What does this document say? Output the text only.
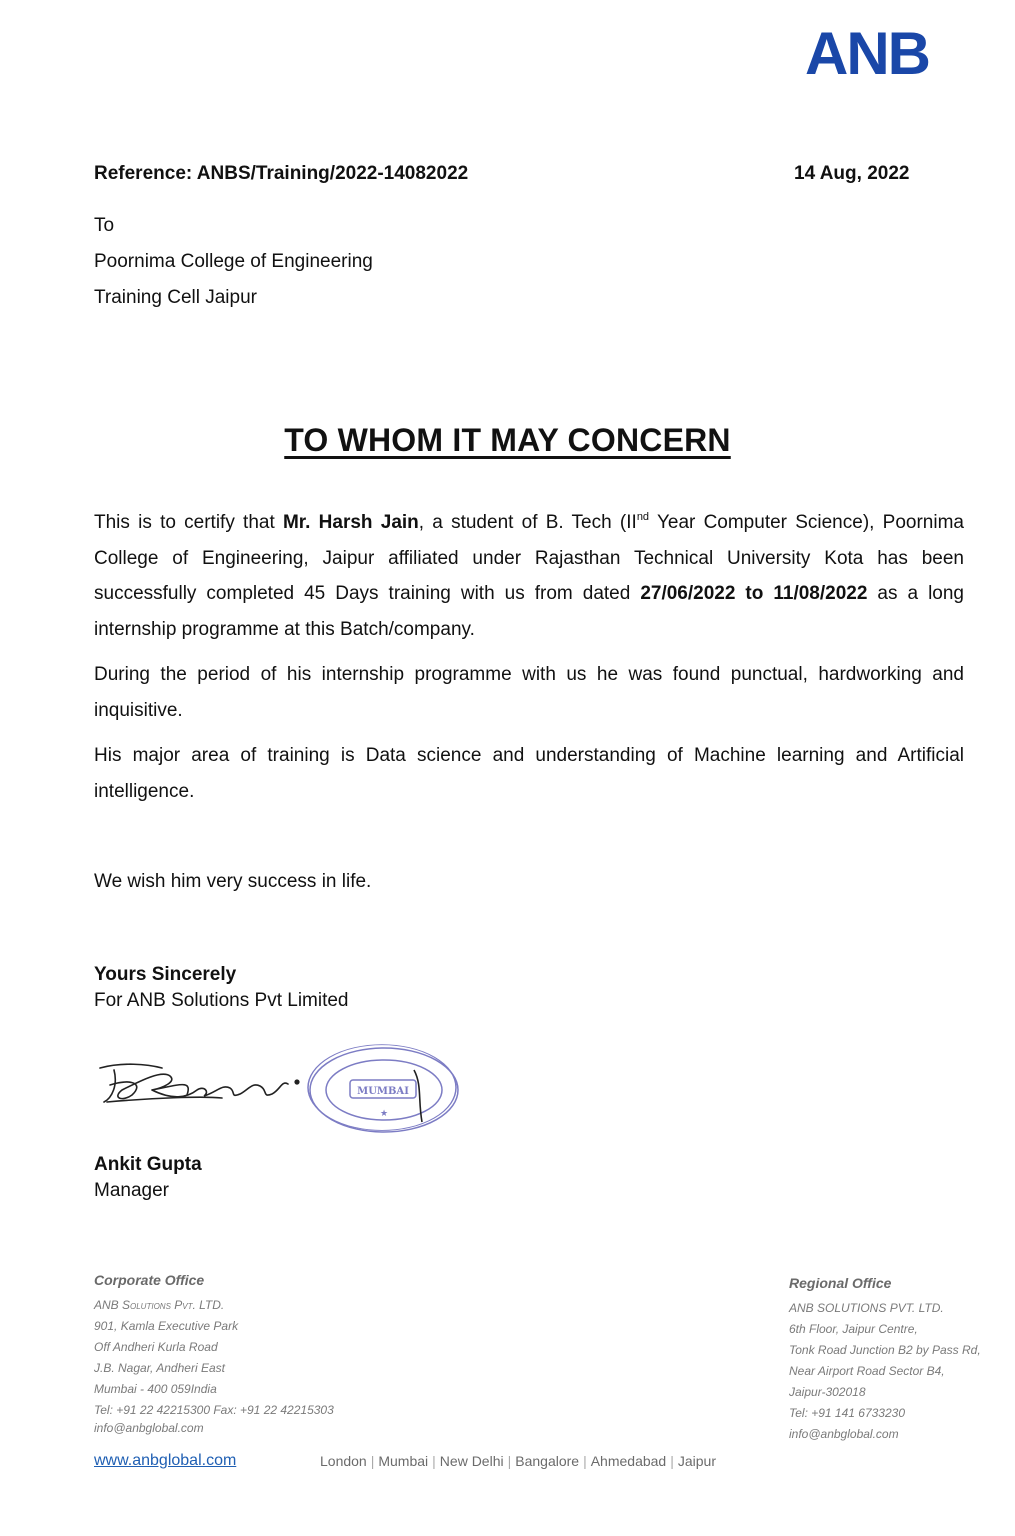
ANB
Reference: ANBS/Training/2022-14082022	14 Aug, 2022
To
Poornima College of Engineering
Training Cell Jaipur
TO WHOM IT MAY CONCERN

This is to certify that Mr. Harsh Jain, a student of B. Tech (IInd Year Computer Science), Poornima College of Engineering, Jaipur affiliated under Rajasthan Technical University Kota has been successfully completed 45 Days training with us from dated 27/06/2022 to 11/08/2022 as a long internship programme at this Batch/company.

During the period of his internship programme with us he was found punctual, hardworking and inquisitive.

His major area of training is Data science and understanding of Machine learning and Artificial intelligence.

We wish him very success in life.
Yours Sincerely
For ANB Solutions Pvt Limited
MUMBAI
★
Ankit Gupta
Manager
Corporate Office
ANB Solutions Pvt. LTD.
901, Kamla Executive Park
Off Andheri Kurla Road
J.B. Nagar, Andheri East
Mumbai - 400 059India
Tel: +91 22 42215300 Fax: +91 22 42215303
info@anbglobal.com
Regional Office
ANB SOLUTIONS PVT. LTD.
6th Floor, Jaipur Centre,
Tonk Road Junction B2 by Pass Rd,
Near Airport Road Sector B4,
Jaipur-302018
Tel: +91 141 6733230
info@anbglobal.com
www.anbglobal.com	London | Mumbai | New Delhi | Bangalore | Ahmedabad | Jaipur
